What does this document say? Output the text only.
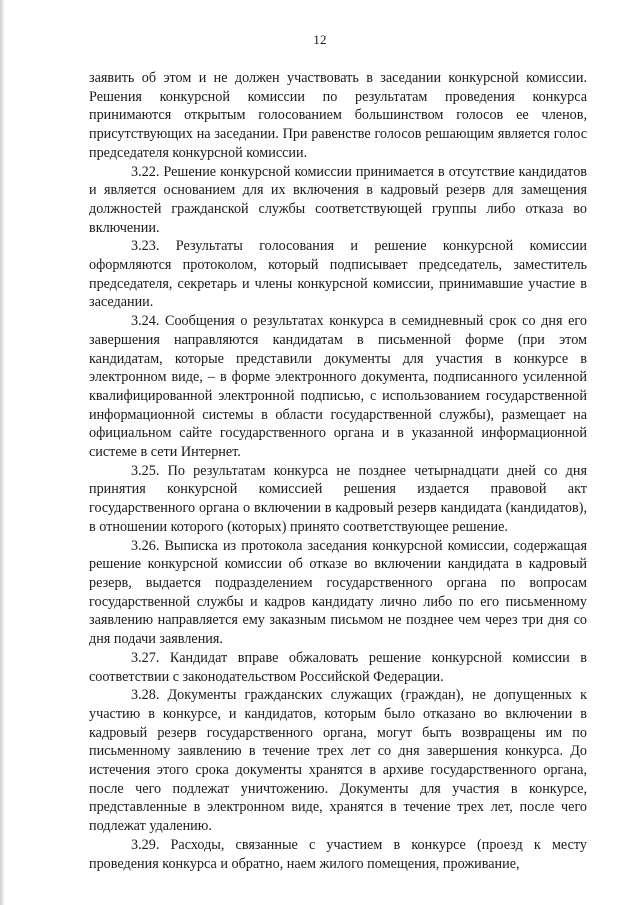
12

заявить об этом и не должен участвовать в заседании конкурсной комиссии. Решения конкурсной комиссии по результатам проведения конкурса принимаются открытым голосованием большинством голосов ее членов, присутствующих на заседании. При равенстве голосов решающим является голос председателя конкурсной комиссии.

3.22. Решение конкурсной комиссии принимается в отсутствие кандидатов и является основанием для их включения в кадровый резерв для замещения должностей гражданской службы соответствующей группы либо отказа во включении.

3.23. Результаты голосования и решение конкурсной комиссии оформляются протоколом, который подписывает председатель, заместитель председателя, секретарь и члены конкурсной комиссии, принимавшие участие в заседании.

3.24. Сообщения о результатах конкурса в семидневный срок со дня его завершения направляются кандидатам в письменной форме (при этом кандидатам, которые представили документы для участия в конкурсе в электронном виде, – в форме электронного документа, подписанного усиленной квалифицированной электронной подписью, с использованием государственной информационной системы в области государственной службы), размещает на официальном сайте государственного органа и в указанной информационной системе в сети Интернет.

3.25. По результатам конкурса не позднее четырнадцати дней со дня принятия конкурсной комиссией решения издается правовой акт государственного органа о включении в кадровый резерв кандидата (кандидатов), в отношении которого (которых) принято соответствующее решение.

3.26. Выписка из протокола заседания конкурсной комиссии, содержащая решение конкурсной комиссии об отказе во включении кандидата в кадровый резерв, выдается подразделением государственного органа по вопросам государственной службы и кадров кандидату лично либо по его письменному заявлению направляется ему заказным письмом не позднее чем через три дня со дня подачи заявления.

3.27. Кандидат вправе обжаловать решение конкурсной комиссии в соответствии с законодательством Российской Федерации.

3.28. Документы гражданских служащих (граждан), не допущенных к участию в конкурсе, и кандидатов, которым было отказано во включении в кадровый резерв государственного органа, могут быть возвращены им по письменному заявлению в течение трех лет со дня завершения конкурса. До истечения этого срока документы хранятся в архиве государственного органа, после чего подлежат уничтожению. Документы для участия в конкурсе, представленные в электронном виде, хранятся в течение трех лет, после чего подлежат удалению.

3.29. Расходы, связанные с участием в конкурсе (проезд к месту проведения конкурса и обратно, наем жилого помещения, проживание,
